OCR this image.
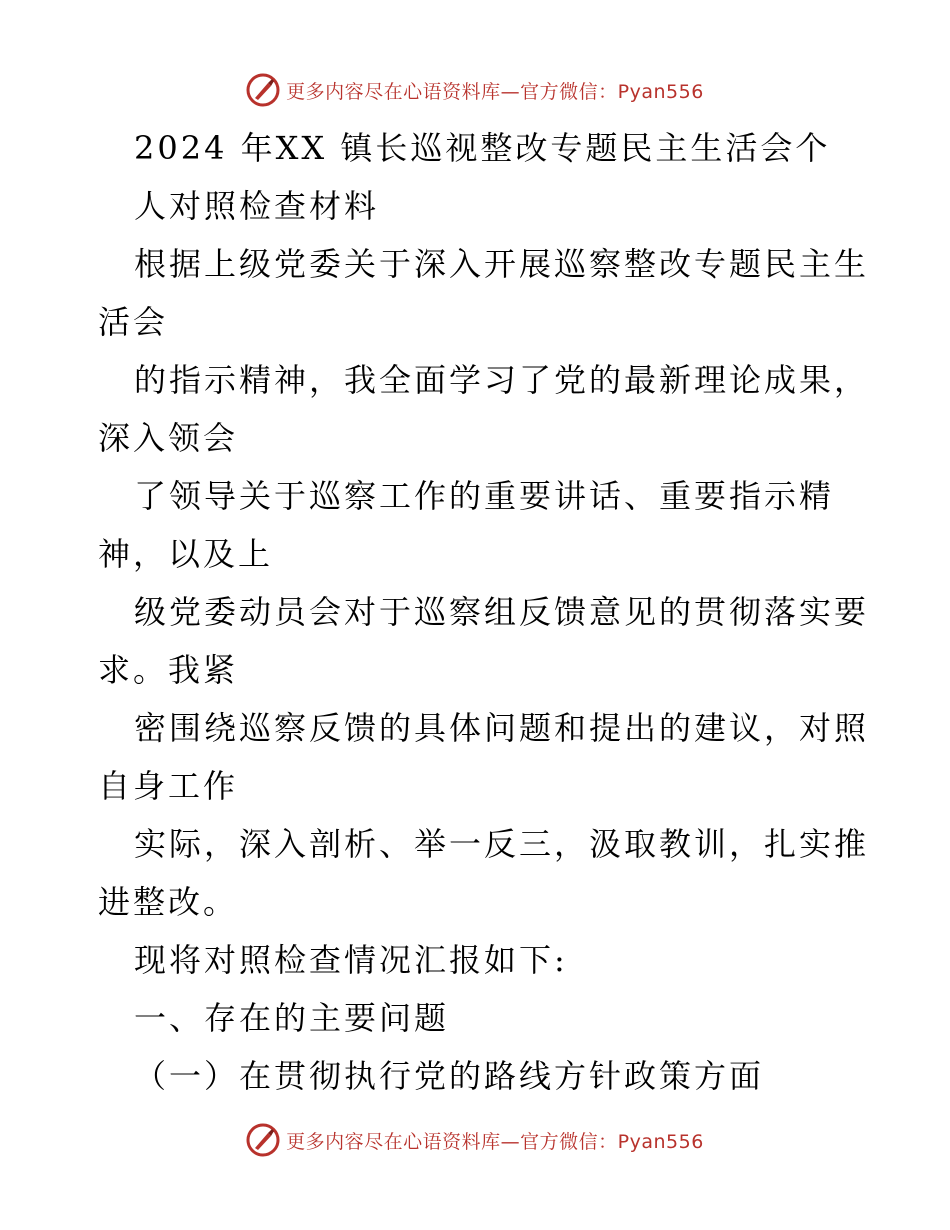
更多内容尽在心语资料库—官方微信：Pyan556
2024 年XX 镇长巡视整改专题民主生活会个
人对照检查材料
根据上级党委关于深入开展巡察整改专题民主生
活会
的指示精神，我全面学习了党的最新理论成果，
深入领会
了领导关于巡察工作的重要讲话、重要指示精
神，以及上
级党委动员会对于巡察组反馈意见的贯彻落实要
求。我紧
密围绕巡察反馈的具体问题和提出的建议，对照
自身工作
实际，深入剖析、举一反三，汲取教训，扎实推
进整改。
现将对照检查情况汇报如下:
一、存在的主要问题
（一）在贯彻执行党的路线方针政策方面
更多内容尽在心语资料库—官方微信：Pyan556
